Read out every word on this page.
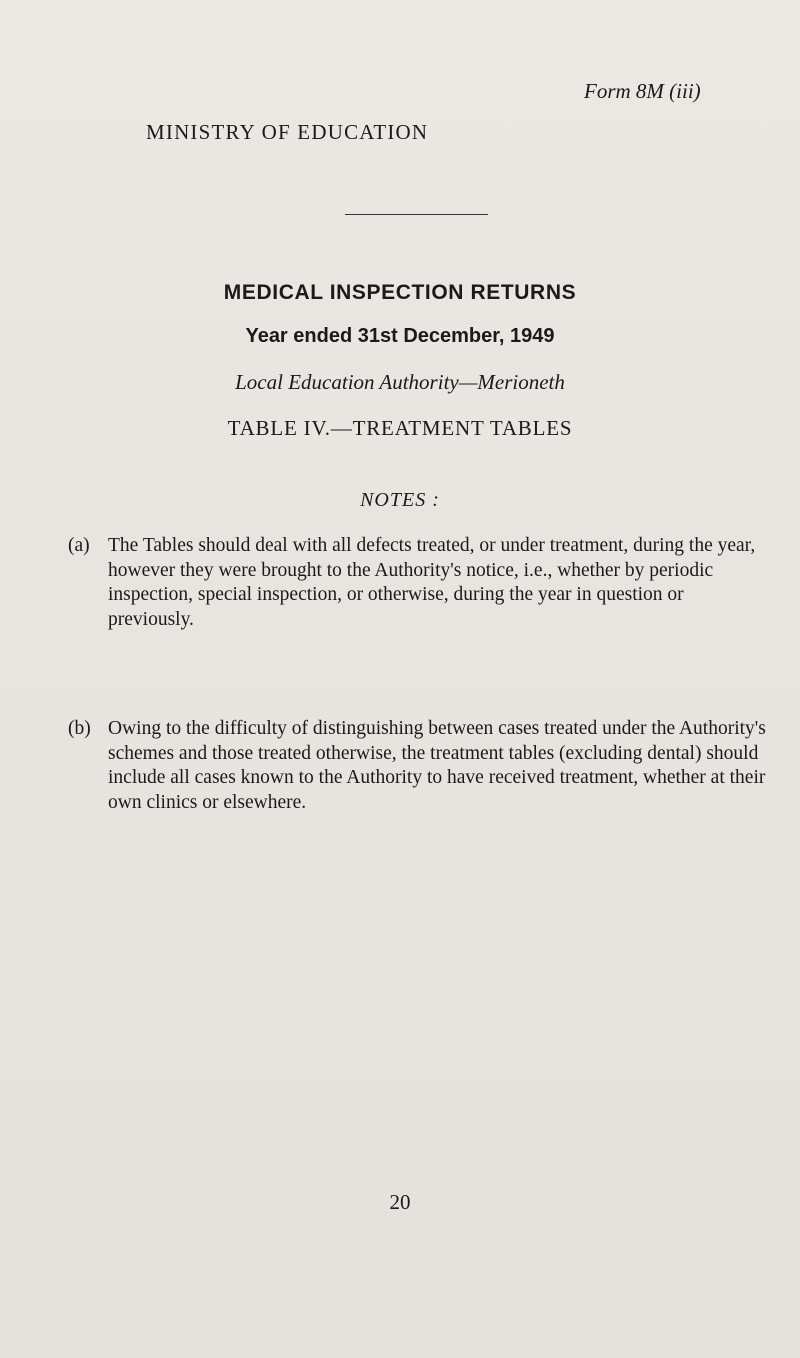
Form 8M (iii)
MINISTRY OF EDUCATION
MEDICAL INSPECTION RETURNS
Year ended 31st December, 1949
Local Education Authority—Merioneth
TABLE IV.—TREATMENT TABLES
NOTES :
(a) The Tables should deal with all defects treated, or under treatment, during the year, however they were brought to the Authority's notice, i.e., whether by periodic inspection, special inspection, or otherwise, during the year in question or previously.
(b) Owing to the difficulty of distinguishing between cases treated under the Authority's schemes and those treated otherwise, the treatment tables (excluding dental) should include all cases known to the Authority to have received treatment, whether at their own clinics or elsewhere.
20
